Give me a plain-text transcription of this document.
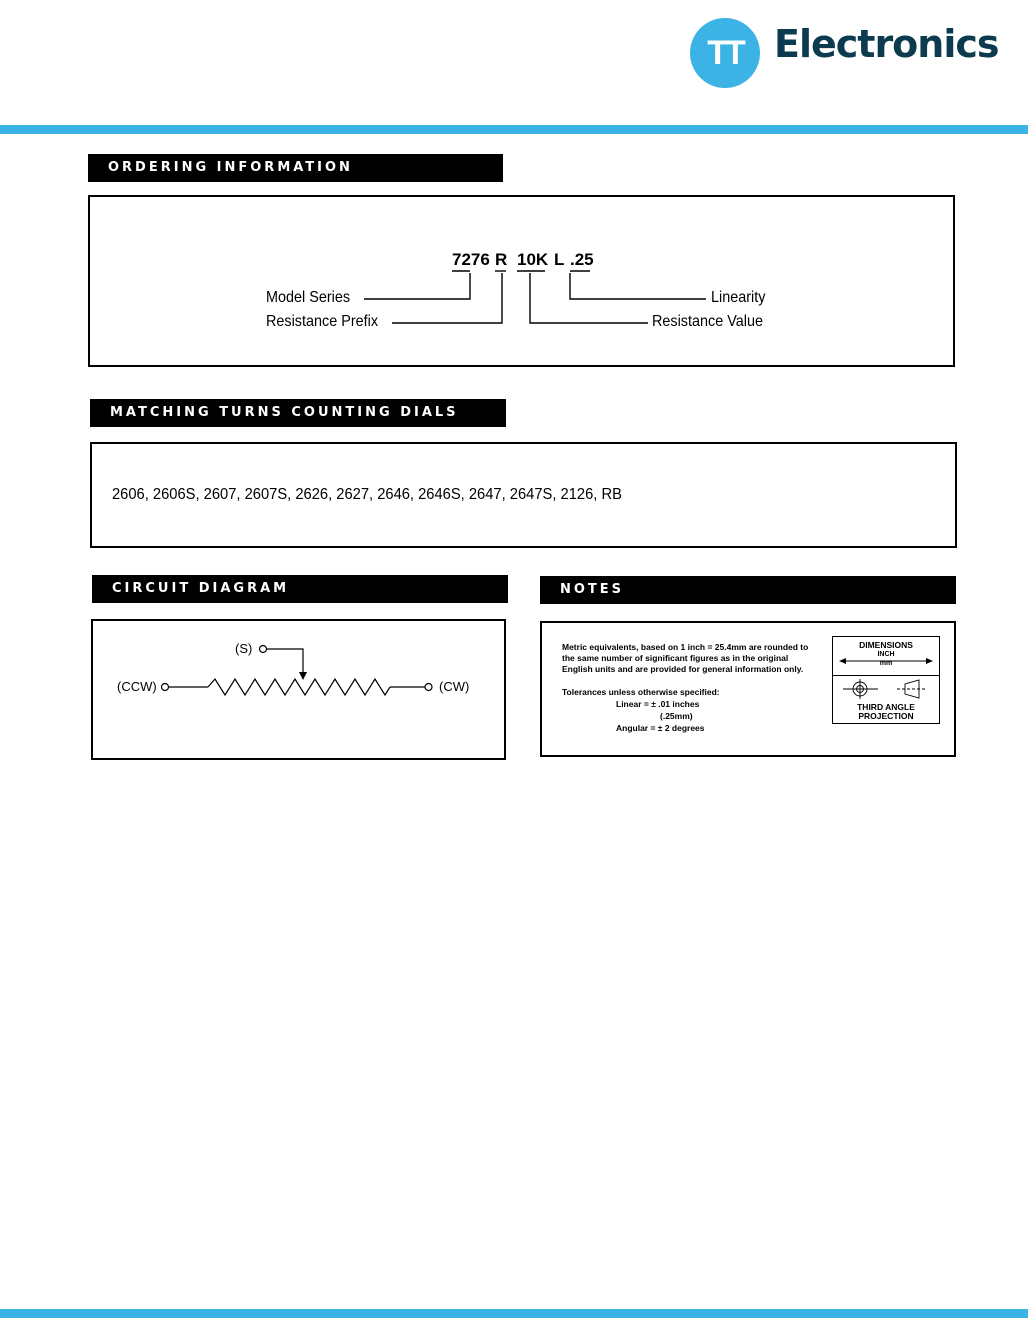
TT Electronics
ORDERING INFORMATION
7276 R 10K L .25
Model Series
Resistance Prefix
Linearity
Resistance Value
MATCHING TURNS COUNTING DIALS
2606, 2606S, 2607, 2607S, 2626, 2627, 2646, 2646S, 2647, 2647S, 2126, RB
CIRCUIT DIAGRAM
(S)
(CCW)	(CW)
NOTES
Metric equivalents, based on 1 inch = 25.4mm are rounded to
the same number of significant figures as in the original
English units and are provided for general information only.
Tolerances unless otherwise specified:
Linear = ± .01 inches
(.25mm)
Angular = ± 2 degrees
DIMENSIONS
INCH
mm
THIRD ANGLE
PROJECTION
